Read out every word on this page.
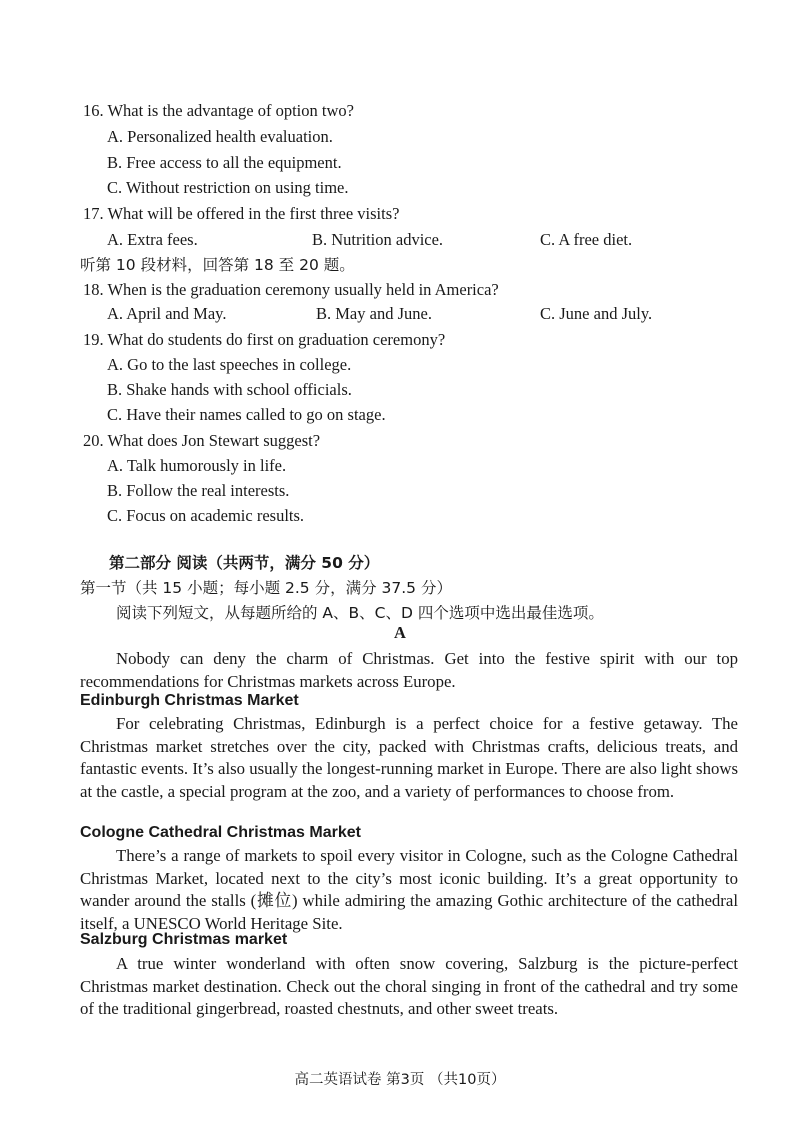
16. What is the advantage of option two?
A. Personalized health evaluation.
B. Free access to all the equipment.
C. Without restriction on using time.
17. What will be offered in the first three visits?
A. Extra fees.	B. Nutrition advice.	C. A free diet.
听第 10 段材料，回答第 18 至 20 题。
18. When is the graduation ceremony usually held in America?
A. April and May.	B. May and June.	C. June and July.
19. What do students do first on graduation ceremony?
A. Go to the last speeches in college.
B. Shake hands with school officials.
C. Have their names called to go on stage.
20. What does Jon Stewart suggest?
A. Talk humorously in life.
B. Follow the real interests.
C. Focus on academic results.
第二部分 阅读（共两节，满分 50 分）
第一节（共 15 小题；每小题 2.5 分，满分 37.5 分）
阅读下列短文，从每题所给的 A、B、C、D 四个选项中选出最佳选项。
A
Nobody can deny the charm of Christmas. Get into the festive spirit with our top recommendations for Christmas markets across Europe.
Edinburgh Christmas Market
For celebrating Christmas, Edinburgh is a perfect choice for a festive getaway. The Christmas market stretches over the city, packed with Christmas crafts, delicious treats, and fantastic events. It’s also usually the longest-running market in Europe. There are also light shows at the castle, a special program at the zoo, and a variety of performances to choose from.
Cologne Cathedral Christmas Market
There’s a range of markets to spoil every visitor in Cologne, such as the Cologne Cathedral Christmas Market, located next to the city’s most iconic building. It’s a great opportunity to wander around the stalls (摊位) while admiring the amazing Gothic architecture of the cathedral itself, a UNESCO World Heritage Site.
Salzburg Christmas market
A true winter wonderland with often snow covering, Salzburg is the picture-perfect Christmas market destination. Check out the choral singing in front of the cathedral and try some of the traditional gingerbread, roasted chestnuts, and other sweet treats.
高二英语试卷 第3页 （共10页）
